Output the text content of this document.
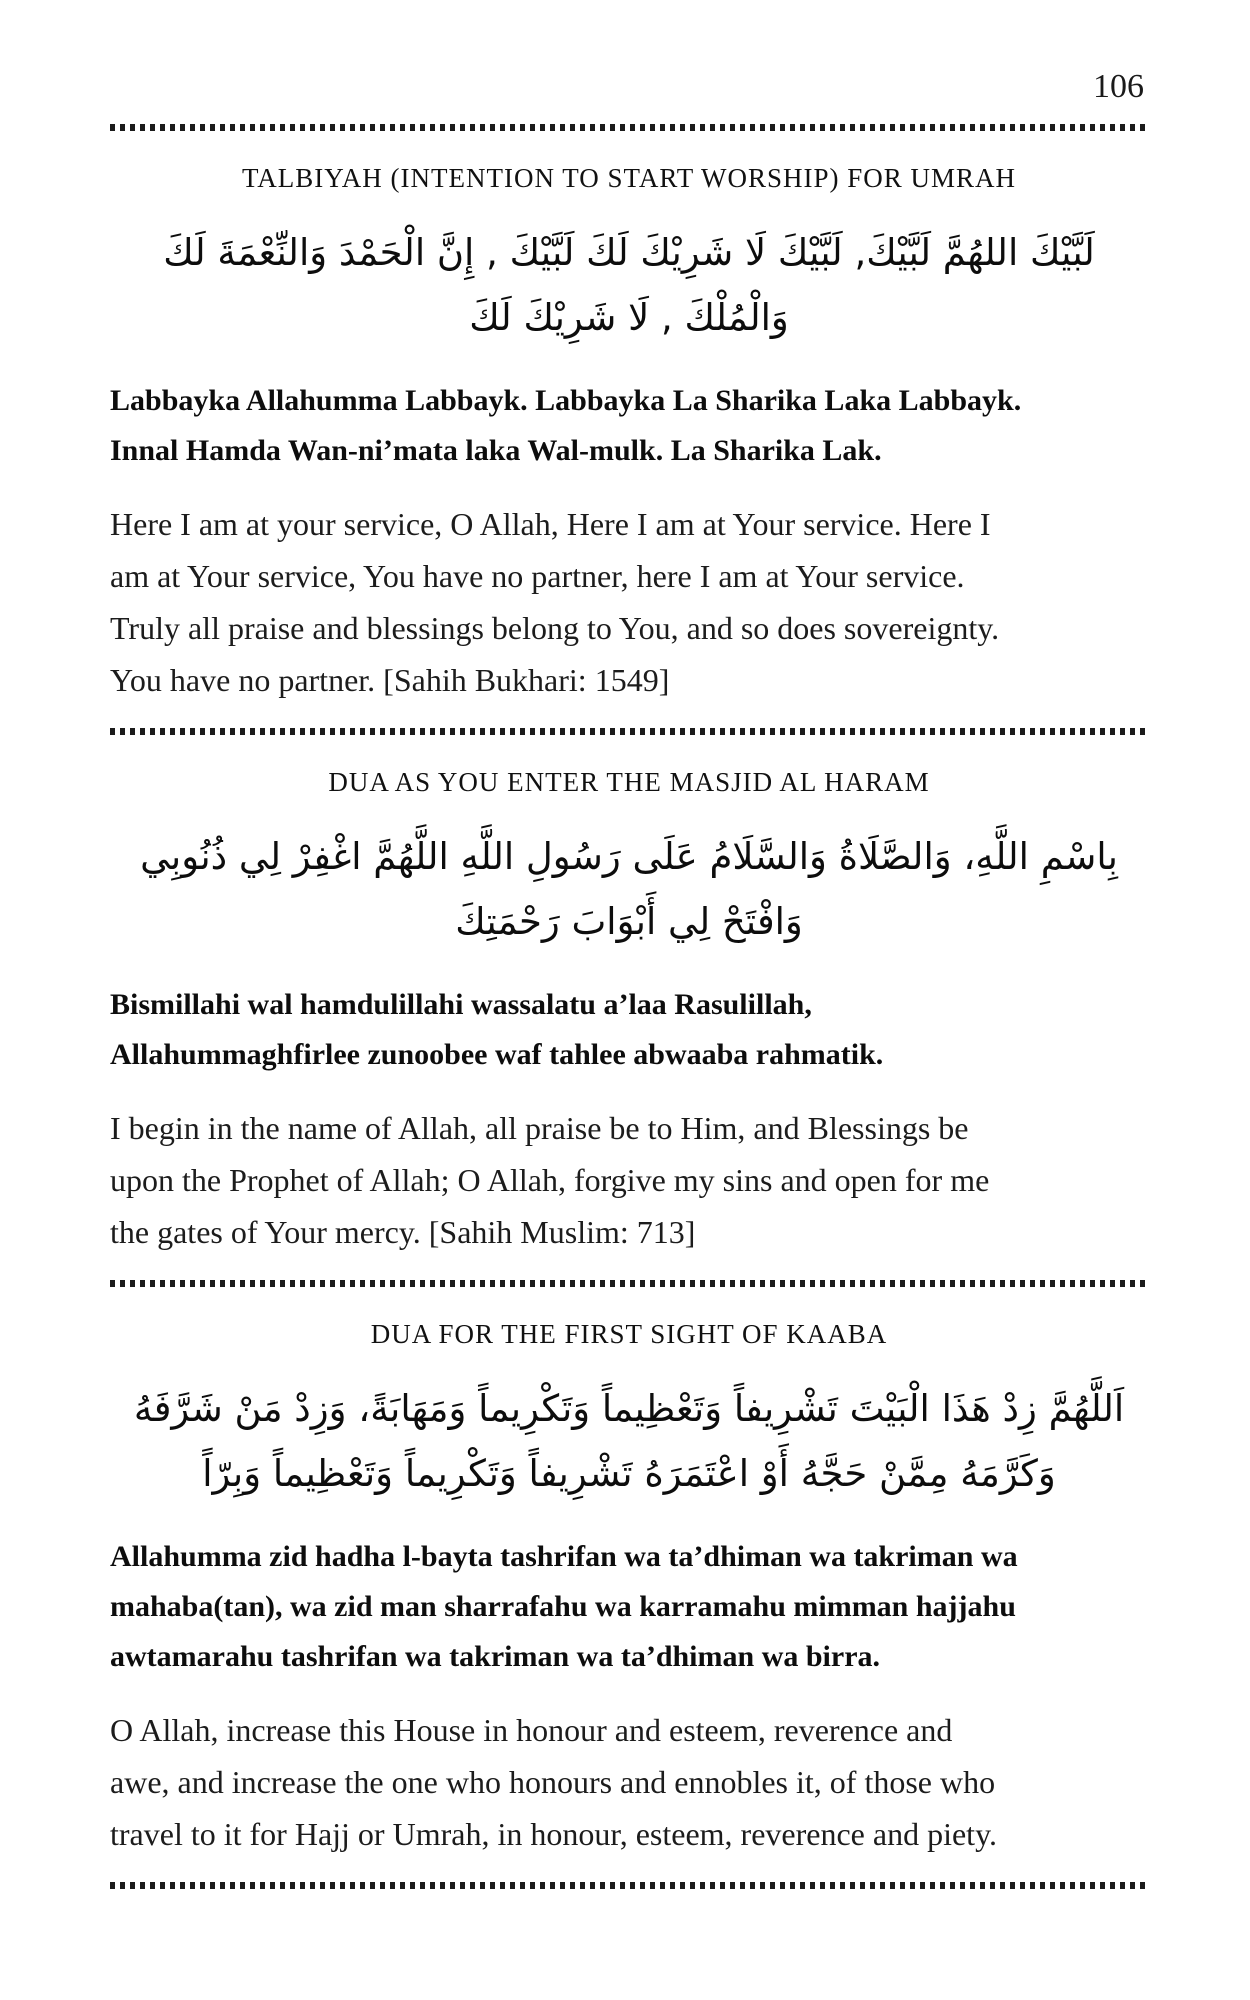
106
TALBIYAH (INTENTION TO START WORSHIP) FOR UMRAH
لَبَّيْكَ اللهُمَّ لَبَّيْكَ, لَبَّيْكَ لَا شَرِيْكَ لَكَ لَبَّيْكَ , إِنَّ الْحَمْدَ وَالنِّعْمَةَ لَكَ
وَالْمُلْكَ , لَا شَرِيْكَ لَكَ
Labbayka Allahumma Labbayk. Labbayka La Sharika Laka Labbayk.
Innal Hamda Wan-ni’mata laka Wal-mulk. La Sharika Lak.
Here I am at your service, O Allah, Here I am at Your service. Here I
am at Your service, You have no partner, here I am at Your service.
Truly all praise and blessings belong to You, and so does sovereignty.
You have no partner. [Sahih Bukhari: 1549]
DUA AS YOU ENTER THE MASJID AL HARAM
بِاسْمِ اللَّهِ، وَالصَّلَاةُ وَالسَّلَامُ عَلَى رَسُولِ اللَّهِ اللَّهُمَّ اغْفِرْ لِي ذُنُوبِي
وَافْتَحْ لِي أَبْوَابَ رَحْمَتِكَ
Bismillahi wal hamdulillahi wassalatu a’laa Rasulillah,
Allahummaghfirlee zunoobee waf tahlee abwaaba rahmatik.
I begin in the name of Allah, all praise be to Him, and Blessings be
upon the Prophet of Allah; O Allah, forgive my sins and open for me
the gates of Your mercy. [Sahih Muslim: 713]
DUA FOR THE FIRST SIGHT OF KAABA
اَللَّهُمَّ زِدْ هَذَا الْبَيْتَ تَشْرِيفاً وَتَعْظِيماً وَتَكْرِيماً وَمَهَابَةً، وَزِدْ مَنْ شَرَّفَهُ
وَكَرَّمَهُ مِمَّنْ حَجَّهُ أَوْ اعْتَمَرَهُ تَشْرِيفاً وَتَكْرِيماً وَتَعْظِيماً وَبِرّاً
Allahumma zid hadha l-bayta tashrifan wa ta’dhiman wa takriman wa
mahaba(tan), wa zid man sharrafahu wa karramahu mimman hajjahu
awtamarahu tashrifan wa takriman wa ta’dhiman wa birra.
O Allah, increase this House in honour and esteem, reverence and
awe, and increase the one who honours and ennobles it, of those who
travel to it for Hajj or Umrah, in honour, esteem, reverence and piety.
